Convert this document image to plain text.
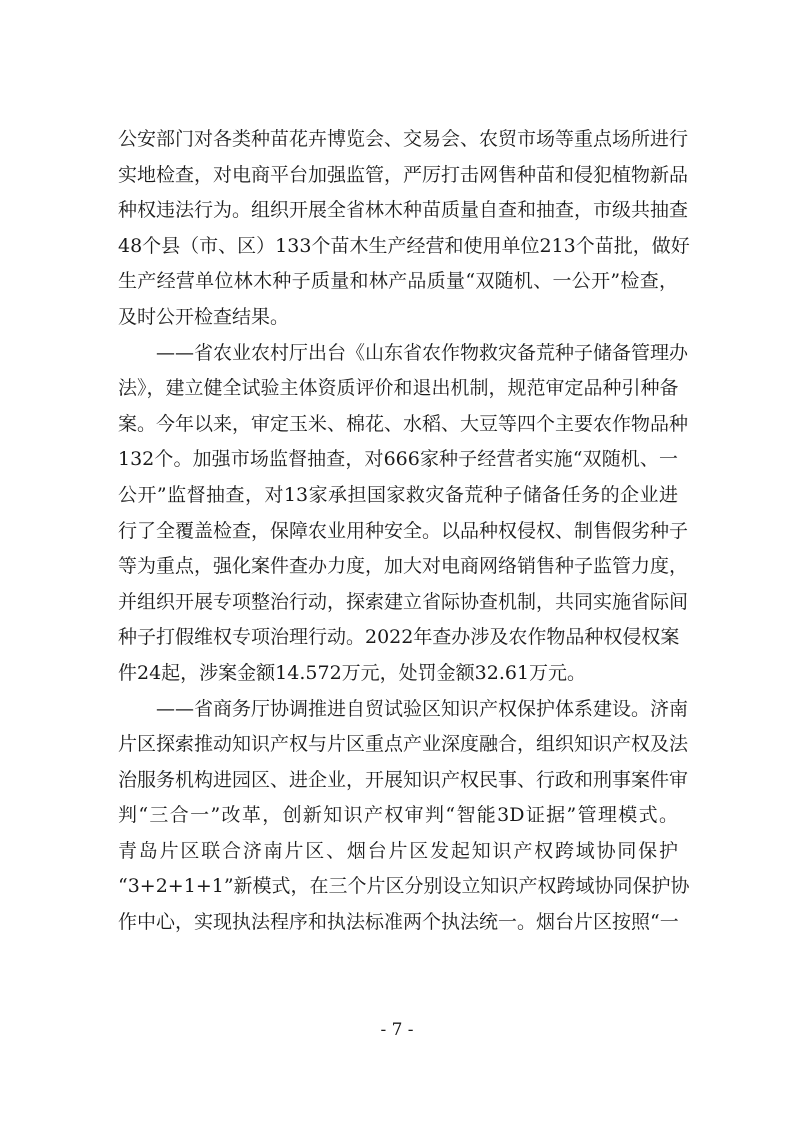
公安部门对各类种苗花卉博览会、交易会、农贸市场等重点场所进行
实地检查，对电商平台加强监管，严厉打击网售种苗和侵犯植物新品
种权违法行为。组织开展全省林木种苗质量自查和抽查，市级共抽查
48个县（市、区）133个苗木生产经营和使用单位213个苗批，做好
生产经营单位林木种子质量和林产品质量“双随机、一公开”检查，
及时公开检查结果。
——省农业农村厅出台《山东省农作物救灾备荒种子储备管理办
法》，建立健全试验主体资质评价和退出机制，规范审定品种引种备
案。今年以来，审定玉米、棉花、水稻、大豆等四个主要农作物品种
132个。加强市场监督抽查，对666家种子经营者实施“双随机、一
公开”监督抽查，对13家承担国家救灾备荒种子储备任务的企业进
行了全覆盖检查，保障农业用种安全。以品种权侵权、制售假劣种子
等为重点，强化案件查办力度，加大对电商网络销售种子监管力度，
并组织开展专项整治行动，探索建立省际协查机制，共同实施省际间
种子打假维权专项治理行动。2022年查办涉及农作物品种权侵权案
件24起，涉案金额14.572万元，处罚金额32.61万元。
——省商务厅协调推进自贸试验区知识产权保护体系建设。济南
片区探索推动知识产权与片区重点产业深度融合，组织知识产权及法
治服务机构进园区、进企业，开展知识产权民事、行政和刑事案件审
判“三合一”改革，创新知识产权审判“智能3D证据”管理模式。
青岛片区联合济南片区、烟台片区发起知识产权跨域协同保护
“3+2+1+1”新模式，在三个片区分别设立知识产权跨域协同保护协
作中心，实现执法程序和执法标准两个执法统一。烟台片区按照“一
- 7 -
